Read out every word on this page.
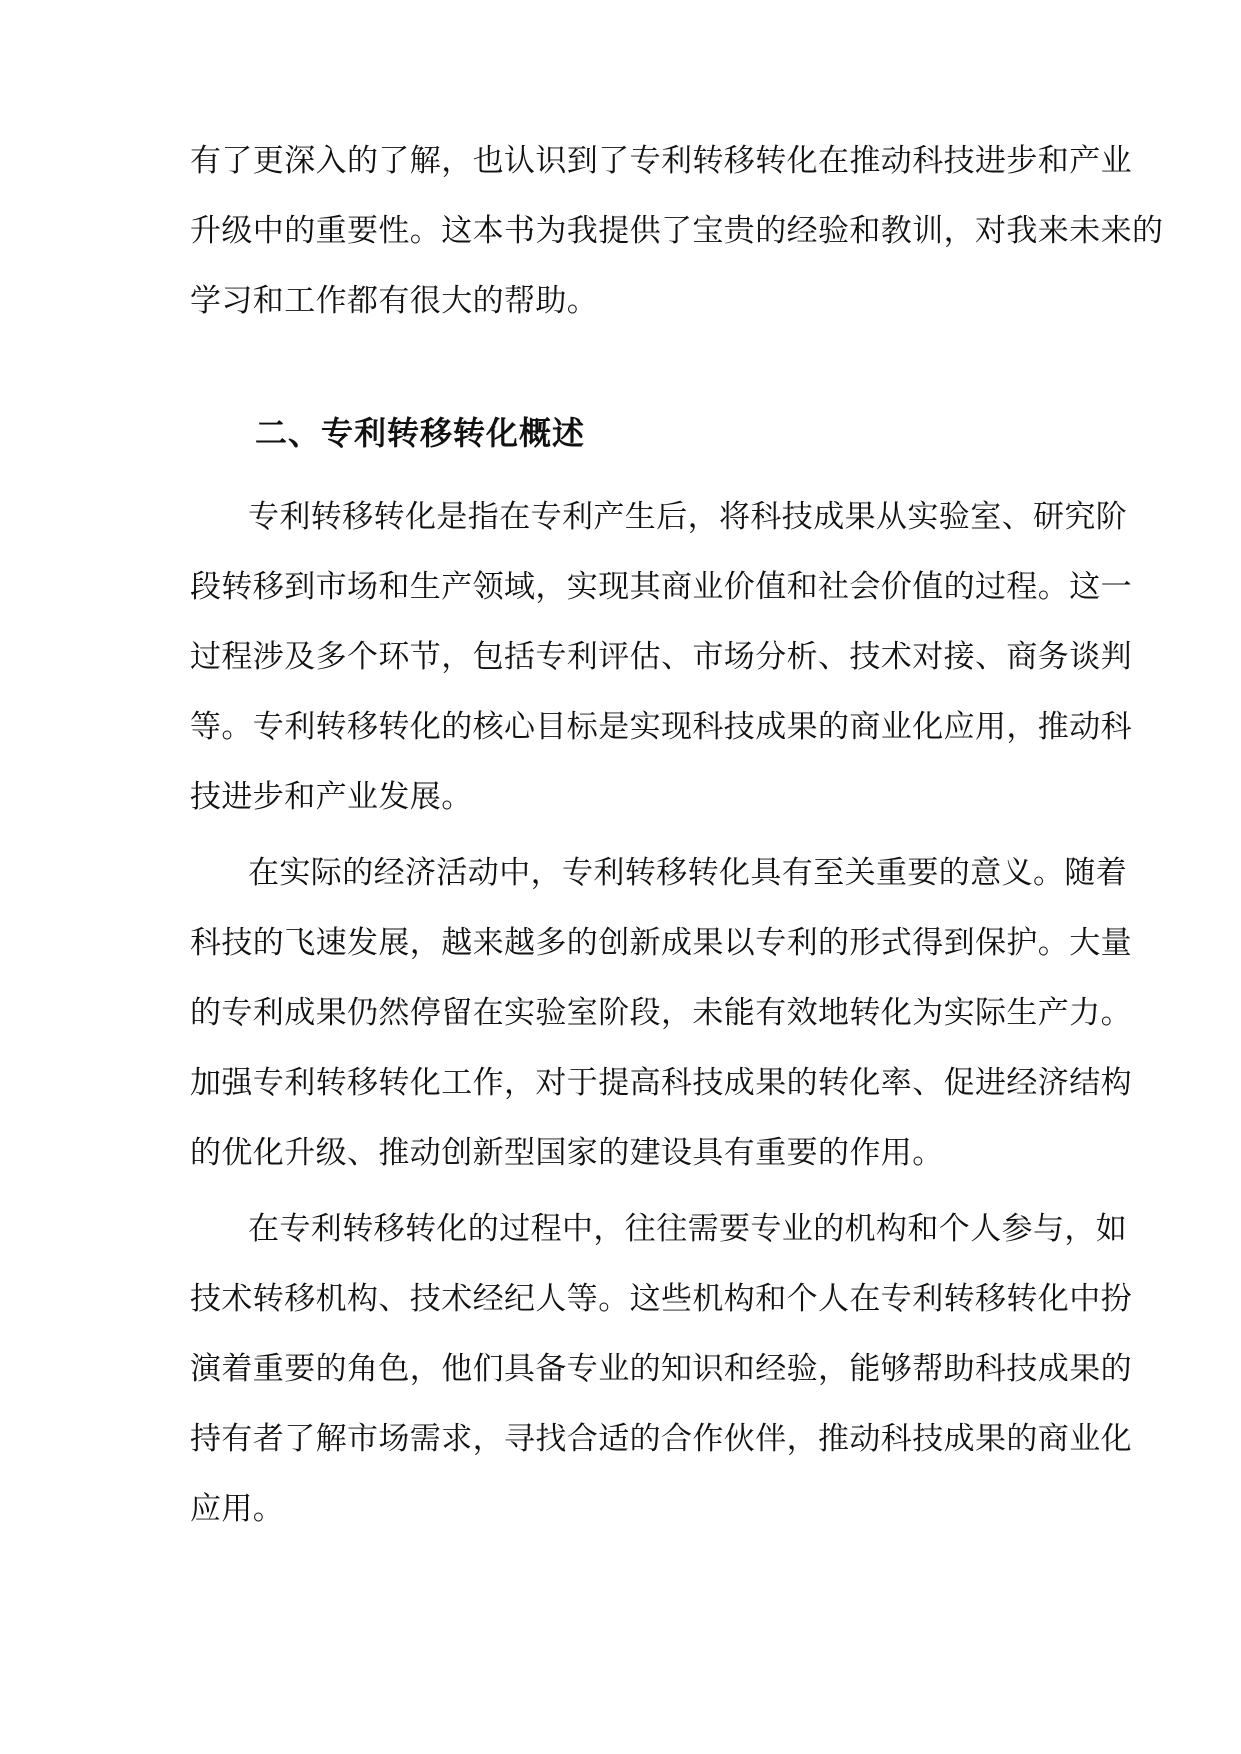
有了更深入的了解，也认识到了专利转移转化在推动科技进步和产业
升级中的重要性。这本书为我提供了宝贵的经验和教训，对我来未来的
学习和工作都有很大的帮助。
二、专利转移转化概述
专利转移转化是指在专利产生后，将科技成果从实验室、研究阶
段转移到市场和生产领域，实现其商业价值和社会价值的过程。这一
过程涉及多个环节，包括专利评估、市场分析、技术对接、商务谈判
等。专利转移转化的核心目标是实现科技成果的商业化应用，推动科
技进步和产业发展。
在实际的经济活动中，专利转移转化具有至关重要的意义。随着
科技的飞速发展，越来越多的创新成果以专利的形式得到保护。大量
的专利成果仍然停留在实验室阶段，未能有效地转化为实际生产力。
加强专利转移转化工作，对于提高科技成果的转化率、促进经济结构
的优化升级、推动创新型国家的建设具有重要的作用。
在专利转移转化的过程中，往往需要专业的机构和个人参与，如
技术转移机构、技术经纪人等。这些机构和个人在专利转移转化中扮
演着重要的角色，他们具备专业的知识和经验，能够帮助科技成果的
持有者了解市场需求，寻找合适的合作伙伴，推动科技成果的商业化
应用。
